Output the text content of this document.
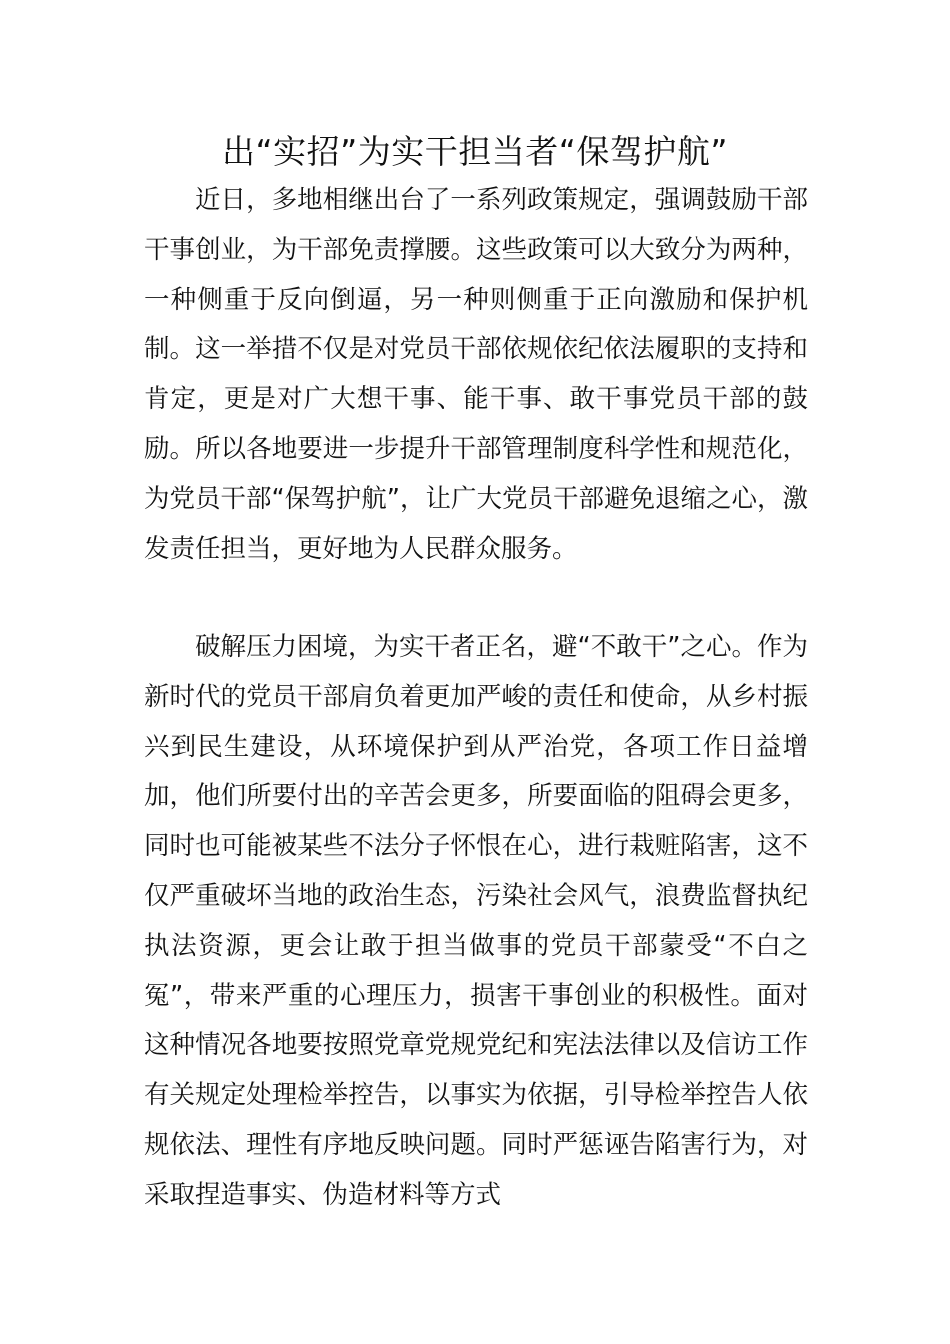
出“实招”为实干担当者“保驾护航”

近日，多地相继出台了一系列政策规定，强调鼓励干部干事创业，为干部免责撑腰。这些政策可以大致分为两种，一种侧重于反向倒逼，另一种则侧重于正向激励和保护机制。这一举措不仅是对党员干部依规依纪依法履职的支持和肯定，更是对广大想干事、能干事、敢干事党员干部的鼓励。所以各地要进一步提升干部管理制度科学性和规范化，为党员干部“保驾护航”，让广大党员干部避免退缩之心，激发责任担当，更好地为人民群众服务。

破解压力困境，为实干者正名，避“不敢干”之心。作为新时代的党员干部肩负着更加严峻的责任和使命，从乡村振兴到民生建设，从环境保护到从严治党，各项工作日益增加，他们所要付出的辛苦会更多，所要面临的阻碍会更多，同时也可能被某些不法分子怀恨在心，进行栽赃陷害，这不仅严重破坏当地的政治生态，污染社会风气，浪费监督执纪执法资源，更会让敢于担当做事的党员干部蒙受“不白之冤”，带来严重的心理压力，损害干事创业的积极性。面对这种情况各地要按照党章党规党纪和宪法法律以及信访工作有关规定处理检举控告，以事实为依据，引导检举控告人依规依法、理性有序地反映问题。同时严惩诬告陷害行为，对采取捏造事实、伪造材料等方式
